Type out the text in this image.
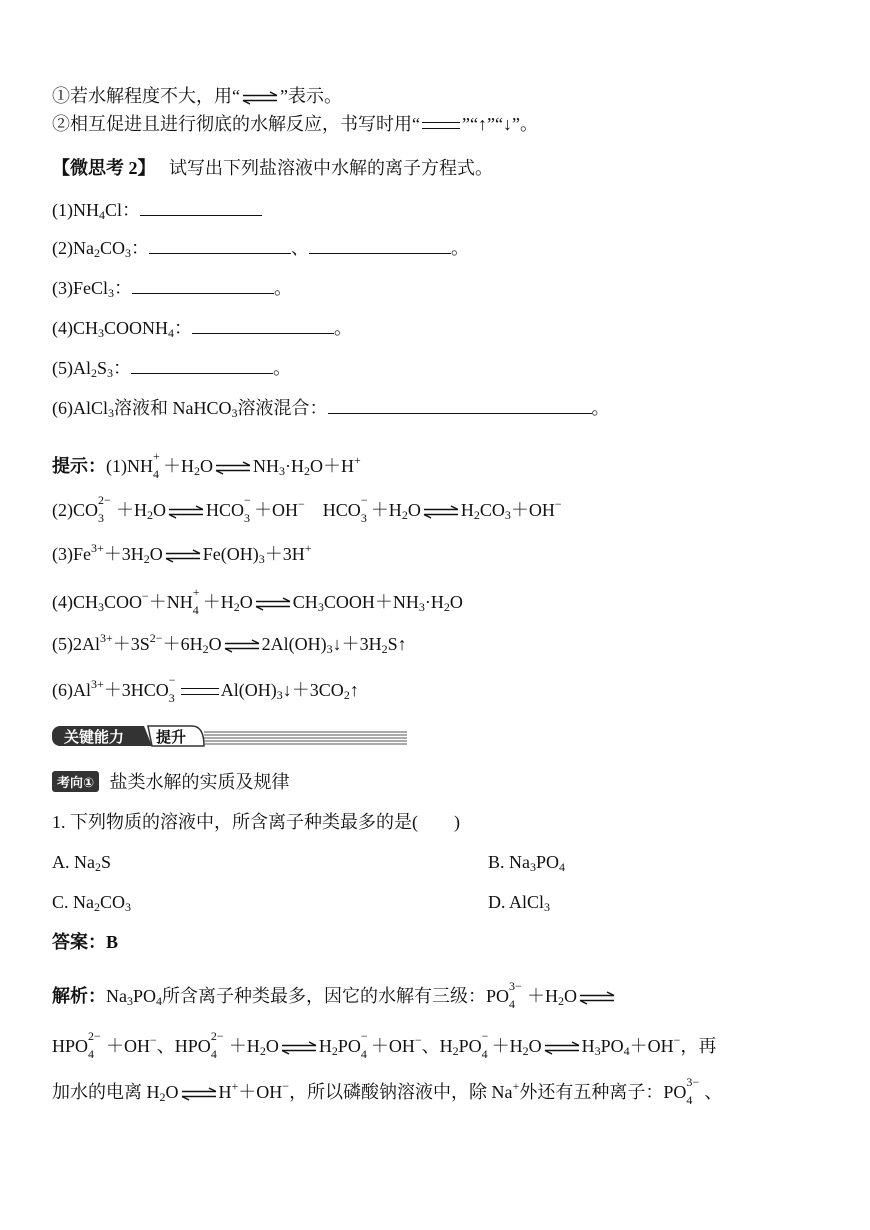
①若水解程度不大，用“ ”表示。
②相互促进且进行彻底的水解反应，书写时用“ ”“↑”“↓”。
【微思考 2】 试写出下列盐溶液中水解的离子方程式。
$(1)NH_4Cl$：
$(2)Na_2CO_3$：	、	。
(3)FeCl$_3$：	。
$(4)CH_3COONH_4$：	。
$(5)Al_2S_3$：	。
(6)AlCl$_3$溶液和 NaHCO$_3$溶液混合：	。
提示：(1)NH +
$4 +H_2O$ $NH_3\cdot H_2O+H^+$
(2)CO 2−
$3 +H_2O$ HCO −
3 ＋OH−    HCO −
$3 +H_2O$ $H_2CO_3+OH^-$
$(3)Fe^{3+}+3H_2O$ $Fe(OH)_3+3H^+$
$(4)CH_3COO^-+NH$ +
$4 +H_2O$ $CH_3COOH+NH_3\cdot H_2O$
$(5)2Al^{3+}+3S^{2-}+6H_2O$ $2Al(OH)_3↓+3H_2S↑$
$(6)Al^{3+}+3HCO$ −
3	$Al(OH)_3↓+3CO_2↑$
关键能力 提升
考向① 盐类水解的实质及规律
1. 下列物质的溶液中，所含离子种类最多的是(　　)
A. $Na_2S$	B. $Na_3PO_4$
C. $Na_2CO_3$	D. AlCl$_3$
答案：B
解析：$Na_3PO_4$所含离子种类最多，因它的水解有三级：PO 3−
$4 +H_2O$
HPO 2−
4 ＋OH−、HPO 2−
$4 +H_2O$ $H_2PO$ −
4 ＋OH−、$H_2PO$ −
$4 +H_2O$ $H_3PO_4+OH^-$，再
加水的电离 $H_2O$ H+＋OH−，所以磷酸钠溶液中，除 Na+外还有五种离子：PO 3−
4 、
